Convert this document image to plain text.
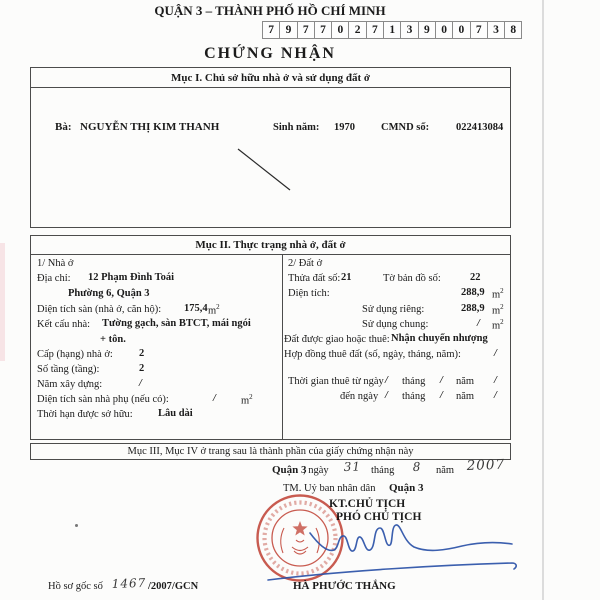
QUẬN 3 – THÀNH PHỐ HỒ CHÍ MINH
7 9 7 7 0 2 7 1 3 9 0 0 7 3 8
CHỨNG NHẬN
Mục I. Chủ sở hữu nhà ở và sử dụng đất ở
Bà: NGUYỄN THỊ KIM THANH	Sinh năm: 1970 CMND số:	022413084
Mục II. Thực trạng nhà ở, đất ở
1/ Nhà ở
Địa chỉ: 12 Phạm Đình Toái
Phường 6, Quận 3
Diện tích sàn (nhà ở, căn hộ): 175,4 $m^2$
Kết cấu nhà: Tường gạch, sàn BTCT, mái ngói
+ tôn.
Cấp (hạng) nhà ở: 2
Số tầng (tầng):	2
Năm xây dựng:	/
Diện tích sàn nhà phụ (nếu có):	/ $m^2$
Thời hạn được sở hữu: Lâu dài
2/ Đất ở
Thửa đất số: 21	Tờ bản đồ số:	22
Diện tích:	288,9 $m^2$
Sử dụng riêng:	288,9 $m^2$
Sử dụng chung:	/ $m^2$
Đất được giao hoặc thuê: Nhận chuyển nhượng
Hợp đồng thuê đất (số, ngày, tháng, năm):	/
Thời gian thuê từ ngày / tháng / năm /
đến ngày / tháng / năm /
Mục III, Mục IV ở trang sau là thành phần của giấy chứng nhận này
Quận 3
, ngày 31 tháng 8 năm 2007
TM. Uỷ ban nhân dân Quận 3
KT.CHỦ TỊCH
PHÓ CHỦ TỊCH
HÀ PHƯỚC THẮNG
Hồ sơ gốc số 1467 /2007/GCN
